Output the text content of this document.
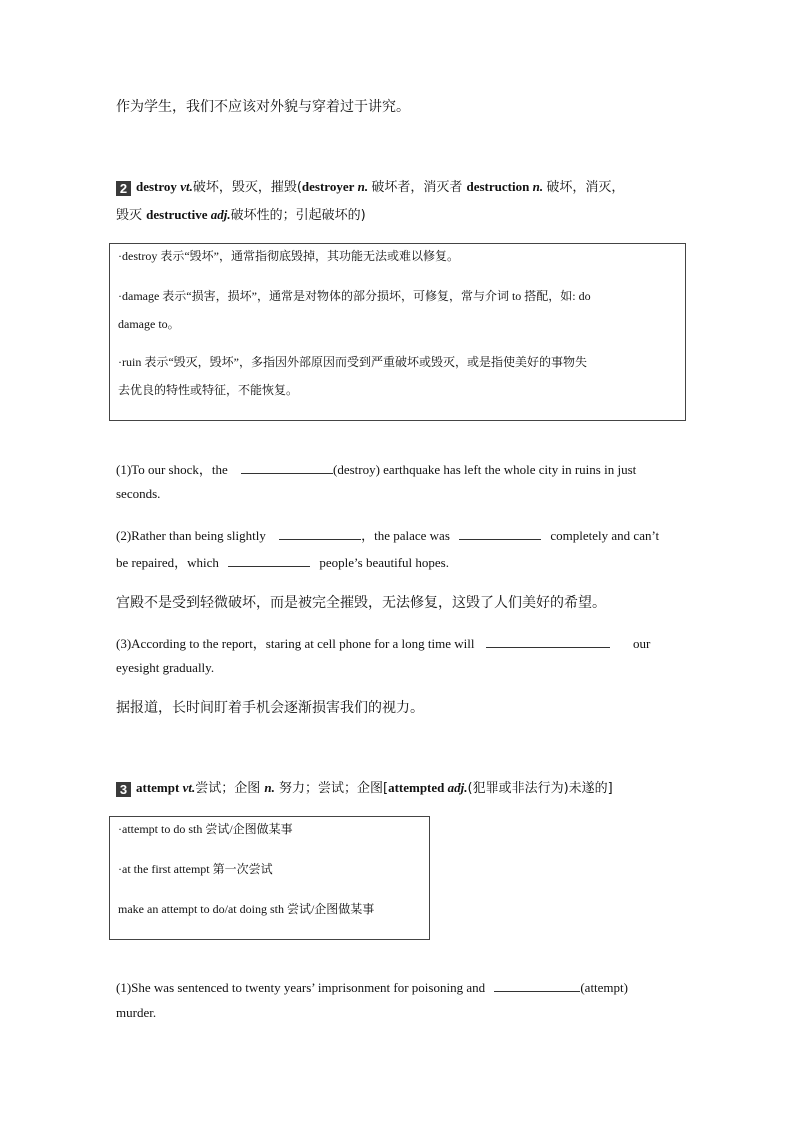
作为学生，我们不应该对外貌与穿着过于讲究。
2 destroy vt.破坏，毁灭，摧毁(destroyer n. 破坏者，消灭者 destruction n. 破坏，消灭，
毁灭 destructive adj.破坏性的；引起破坏的)
·destroy 表示“毁坏”，通常指彻底毁掉，其功能无法或难以修复。
·damage 表示“损害，损坏”，通常是对物体的部分损坏，可修复，常与介词 to 搭配，如: do
damage to。
·ruin 表示“毁灭，毁坏”，多指因外部原因而受到严重破坏或毁灭，或是指使美好的事物失
去优良的特性或特征，不能恢复。
(1)To our shock，the	(destroy) earthquake has left the whole city in ruins in just
seconds.
(2)Rather than being slightly	，the palace was	completely and can’t
be repaired，which	people’s beautiful hopes.
宫殿不是受到轻微破坏，而是被完全摧毁，无法修复，这毁了人们美好的希望。
(3)According to the report，staring at cell phone for a long time will	our
eyesight gradually.
据报道，长时间盯着手机会逐渐损害我们的视力。
3 attempt vt.尝试；企图 n. 努力；尝试；企图[attempted adj.(犯罪或非法行为)未遂的]
·attempt to do sth 尝试/企图做某事
·at the first attempt 第一次尝试
make an attempt to do/at doing sth 尝试/企图做某事
(1)She was sentenced to twenty years’ imprisonment for poisoning and	(attempt)
murder.
